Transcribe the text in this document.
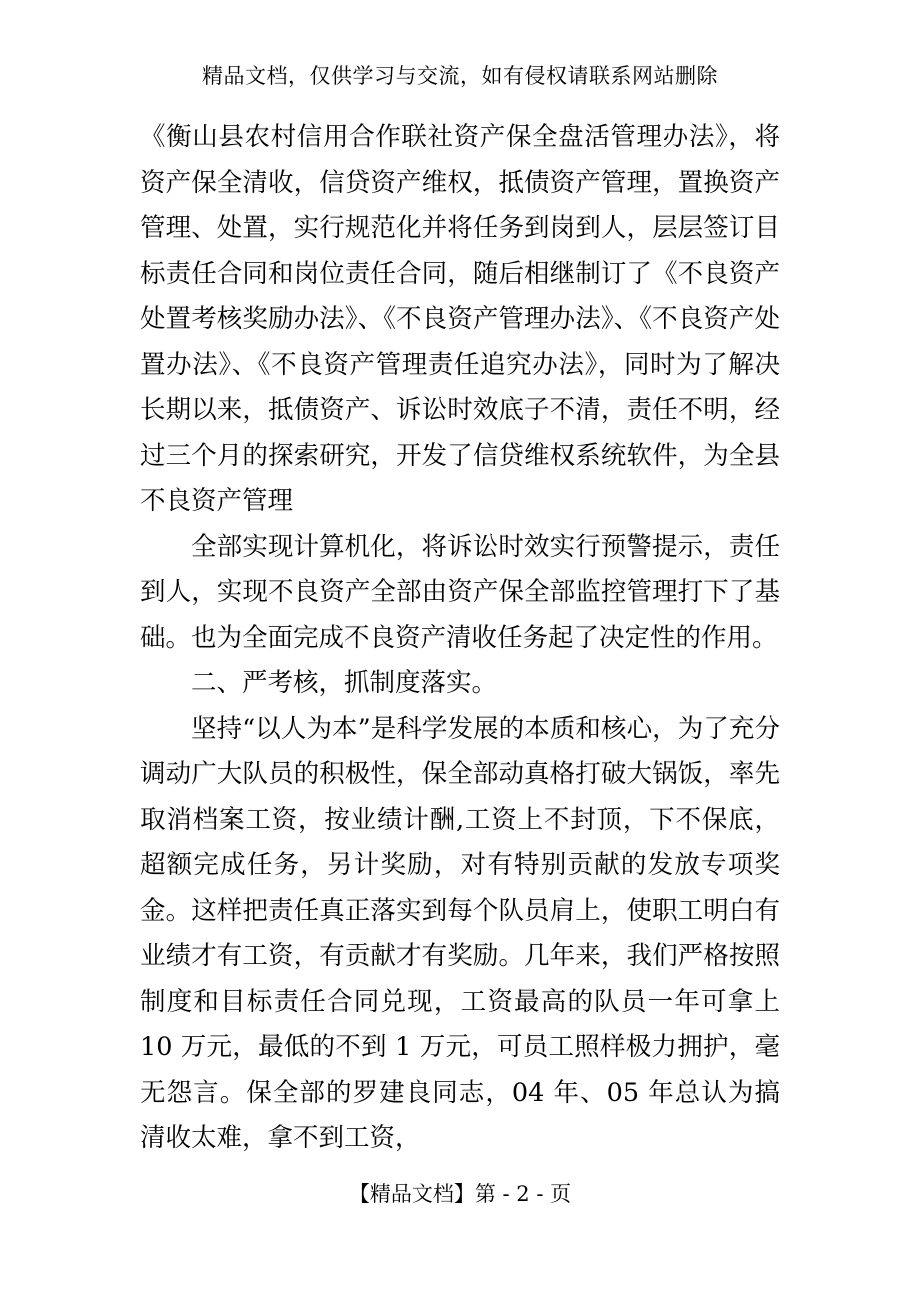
精品文档，仅供学习与交流，如有侵权请联系网站删除

《衡山县农村信用合作联社资产保全盘活管理办法》，将资产保全清收，信贷资产维权，抵债资产管理，置换资产管理、处置，实行规范化并将任务到岗到人，层层签订目标责任合同和岗位责任合同，随后相继制订了《不良资产处置考核奖励办法》、《不良资产管理办法》、《不良资产处置办法》、《不良资产管理责任追究办法》，同时为了解决长期以来，抵债资产、诉讼时效底子不清，责任不明，经过三个月的探索研究，开发了信贷维权系统软件，为全县不良资产管理

全部实现计算机化，将诉讼时效实行预警提示，责任到人，实现不良资产全部由资产保全部监控管理打下了基础。也为全面完成不良资产清收任务起了决定性的作用。

二、严考核，抓制度落实。

坚持“以人为本”是科学发展的本质和核心，为了充分调动广大队员的积极性，保全部动真格打破大锅饭，率先取消档案工资，按业绩计酬,工资上不封顶，下不保底，超额完成任务，另计奖励，对有特别贡献的发放专项奖金。这样把责任真正落实到每个队员肩上，使职工明白有业绩才有工资，有贡献才有奖励。几年来，我们严格按照制度和目标责任合同兑现，工资最高的队员一年可拿上 10 万元，最低的不到 1 万元，可员工照样极力拥护，毫无怨言。保全部的罗建良同志，04 年、05 年总认为搞清收太难，拿不到工资，

【精品文档】第 - 2 - 页
